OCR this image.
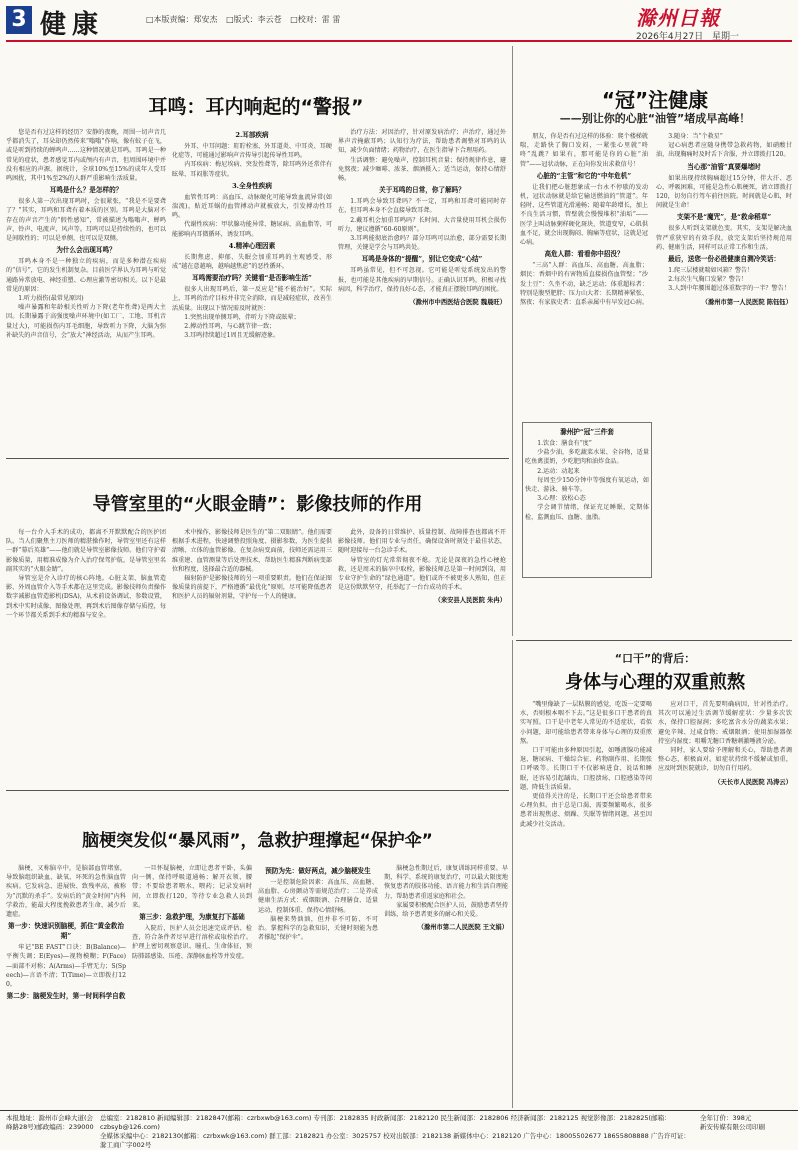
3 健康	□本版责编：郑安杰 □版式：李云苍 □校对：雷 雷	滁州日報
2026年4月27日 星期一
耳鸣：耳内响起的“警报”

您是否有过这样的经历？安静的夜晚，周围一切声音几乎都消失了，耳朵却仍然传来“嗡嗡”作响，像有蚊子在飞，或是听到持续的蝉鸣声……这种情况就是耳鸣。耳鸣是一种常见的症状，患者感觉耳内或颅内有声音，但周围环境中并没有相应的声源。据统计，全球10%至15%的成年人受耳鸣困扰，其中1%至2%的人群严重影响生活质量。

耳鸣是什么？是怎样的？

很多人第一次出现耳鸣时，会很紧张，“我是不是要聋了？”其实，耳鸣和耳聋有着本质的区别。耳鸣是大脑对不存在的声音产生的“假性感知”，常被描述为嗡嗡声、蝉鸣声、铃声、电流声、风声等。耳鸣可以是持续性的，也可以是间歇性的；可以是单侧，也可以是双侧。

为什么会出现耳鸣？

耳鸣本身不是一种独立的疾病，而是多种潜在疾病的“信号”，它的发生机制复杂。目前医学界认为耳鸣与听觉通路异常放电、神经重塑、心理应激等密切相关。以下是最常见的原因：

1.听力损伤(最常见原因)

噪声暴露和年龄相关性听力下降(老年性聋)是两大主因。长期暴露于高强度噪声环境中(如工厂、工地、耳机音量过大)，可能损伤内耳毛细胞，导致听力下降，大脑为弥补缺失的声音信号，会“放大”神经活动，从而产生耳鸣。

2.耳部疾病

外耳、中耳问题：耵聍栓塞、外耳道炎、中耳炎、耳硬化症等，可能通过影响声音传导引起传导性耳鸣。

内耳疾病：梅尼埃病、突发性聋等，除耳鸣外还常伴有眩晕、耳闷胀等症状。

3.全身性疾病

血管性耳鸣：高血压、动脉硬化可能导致血流异常(如湍流)，贴近耳蜗的血管搏动声就被放大，引发搏动性耳鸣。

代谢性疾病：甲状腺功能异常、糖尿病、高血脂等，可能影响内耳微循环，诱发耳鸣。

4.精神心理因素

长期焦虑、抑郁、失眠会加重耳鸣的主观感受，形成“越在意越响，越响越焦虑”的恶性循环。

耳鸣需要治疗吗？关键看“是否影响生活”

很多人出现耳鸣后，第一反应是“能不能治好”。实际上，耳鸣的治疗目标并非完全消除，而是减轻症状，改善生活质量。出现以下情况需及时就医：

1.突然出现单侧耳鸣，伴听力下降或眩晕；

2.搏动性耳鸣，与心跳节律一致；

3.耳鸣持续超过1周且无缓解迹象。

治疗方法：对因治疗，针对原发病治疗；声治疗，通过外界声音掩蔽耳鸣；认知行为疗法，帮助患者调整对耳鸣的认知，减少负面情绪；药物治疗，在医生指导下合理用药。

生活调整：避免噪声，控制耳机音量；保持规律作息，避免熬夜；减少咖啡、浓茶、烟酒摄入；适当运动，保持心情舒畅。

关于耳鸣的日常，你了解吗？

1.耳鸣会导致耳聋吗？不一定，耳鸣和耳聋可能同时存在，但耳鸣本身不会直接导致耳聋。

2.戴耳机会加重耳鸣吗？长时间、大音量使用耳机会损伤听力，建议遵循“60-60原则”。

3.耳鸣能彻底治愈吗？部分耳鸣可以治愈，部分需要长期管理，关键是学会与耳鸣共处。

耳鸣是身体的“提醒”，别让它变成“心结”

耳鸣虽常见，但不可忽视。它可能是听觉系统发出的警报，也可能是其他疾病的早期信号。正确认识耳鸣，积极寻找病因，科学治疗，保持良好心态，才能真正摆脱耳鸣的困扰。

（滁州市中西医结合医院 魏晨旺）
“冠”注健康
——别让你的心脏“油管”堵成早高峰！

朋友，你是否有过这样的体验：爬个楼梯就喘，走路快了胸口发闷，一紧张心里就“咚咚”乱跳？如果有，那可能是你的心脏“油管”——冠状动脉，正在向你发出求救信号！

心脏的“主管”和它的“中年危机”

让我们把心脏想象成一台永不停歇的发动机，冠状动脉就是给它输送燃油的“管道”。年轻时，这些管道光滑通畅；随着年龄增长，加上不良生活习惯，管壁就会慢慢堆积“油垢”——医学上叫动脉粥样硬化斑块，管道变窄，心肌供血不足，就会出现胸闷、胸痛等症状，这就是冠心病。

高危人群：看看你中招没？

“三高”人群：高血压、高血糖、高血脂；烟民：香烟中的有害物质直接损伤血管壁；“沙发土豆”：久坐不动，缺乏运动；体重超标者：特别是腹型肥胖；压力山大者：长期精神紧张、熬夜；有家族史者：直系亲属中有早发冠心病。

滁州护“冠”三件套

1.饮食：膳食有“度”

少盐少油，多吃蔬菜水果、全谷物，适量吃鱼禽蛋奶，少吃肥肉和油炸食品。

2.运动：动起来

每周至少150分钟中等强度有氧运动，如快走、游泳、骑车等。

3.心理：放松心态

学会调节情绪，保证充足睡眠，定期体检，监测血压、血糖、血脂。

3.随身：当“个救星”

冠心病患者应随身携带急救药物，如硝酸甘油，出现胸痛时及时舌下含服，并立即拨打120。

当心那“油管”真要爆堵时

如果出现持续胸痛超过15分钟，伴大汗、恶心、呼吸困难，可能是急性心肌梗死，请立即拨打120，切勿自行驾车前往医院。时间就是心肌，时间就是生命！

支架不是“魔咒”，是“救命稻草”

很多人听到支架就色变。其实，支架是解决血管严重狭窄的有效手段，放完支架后坚持规范用药、健康生活，同样可以正常工作和生活。

最后，送您一份必胜健康自测冷笑话：

1.爬三层楼就喘如风箱？警告！

2.每次生气胸口发紧？警告！

3.人到中年腰围超过体重数字的一半？警告！

（滁州市第一人民医院 陈钰钰）
导管室里的“火眼金睛”：影像技师的作用

每一台介入手术的成功，都离不开默默配合的医护团队。当人们聚焦主刀医师的精湛操作时，导管室里还有这样一群“幕后英雄”——他们就是导管室影像技师。他们守护着影像质量，用精准成像为介入治疗保驾护航，是导管室里名副其实的“火眼金睛”。

导管室是介入诊疗的核心阵地。心脏支架、脑血管造影、外周血管介入等手术都在这里完成。影像技师负责操作数字减影血管造影机(DSA)，从术前设备调试、参数设置，到术中实时成像、图像处理，再到术后图像存储与质控，每一个环节都关系到手术的精准与安全。

术中操作，影像技师是医生的“第二双眼睛”。他们需要根据手术进程，快速调整投照角度、摄影参数，为医生提供清晰、立体的血管影像。在复杂病变面前，技师还需运用三维重建、血管测量等后处理技术，帮助医生精准判断病变部位和程度，选择最合适的器械。

辐射防护是影像技师的另一项重要职责。他们在保证图像质量的前提下，严格遵循“最优化”原则，尽可能降低患者和医护人员的辐射剂量，守护每一个人的健康。

此外，设备的日常维护、质量控制、故障排查也都离不开影像技师。他们用专业与责任，确保设备时刻处于最佳状态，随时迎接每一台急诊手术。

导管室的灯光常常彻夜不熄。无论是深夜的急性心梗抢救，还是周末的脑卒中取栓，影像技师总是第一时间到岗，用专业守护生命的“绿色通道”。他们或许不被更多人熟知，但正是这份默默坚守，托举起了一台台成功的手术。

（来安县人民医院 朱冉）
“口干”的背后：
身体与心理的双重煎熬

“嘴里像缺了一层粘膜的感觉，吃饭一定要喝水，否则根本咽不下去。”这是很多口干患者的真实写照。口干是中老年人常见的不适症状，看似小问题，却可能给患者带来身体与心理的双重煎熬。

口干可能由多种原因引起，如唾液腺功能减退、糖尿病、干燥综合征、药物副作用、长期张口呼吸等。长期口干不仅影响进食、说话和睡眠，还容易引起龋齿、口腔溃疡、口腔感染等问题，降低生活质量。

更值得关注的是，长期口干还会给患者带来心理负担。由于总是口渴、需要频繁喝水，很多患者出现焦虑、烦躁、失眠等情绪问题，甚至因此减少社交活动。

应对口干，首先要明确病因，针对性治疗。其次可以通过生活调节缓解症状：少量多次饮水，保持口腔湿润；多吃富含水分的蔬菜水果；避免辛辣、过咸食物；戒烟限酒；使用加湿器保持室内湿度；咀嚼无糖口香糖刺激唾液分泌。

同时，家人要给予理解和关心，帮助患者调整心态，积极面对。如症状持续不缓解或加重，应及时到医院就诊，切勿自行用药。

（天长市人民医院 冯涛云）
脑梗突发似“暴风雨”，急救护理撑起“保护伞”

脑梗，又称脑卒中，是脑部血管堵塞，导致脑组织缺血、缺氧、坏死的急性脑血管疾病。它发病急、进展快、致残率高，被称为“沉默的杀手”。发病后的“黄金时间”内科学救治，能最大程度挽救患者生命、减少后遗症。

第一步：快速识别脑梗，抓住“黄金救治期”

牢记“BE FAST”口诀：B(Balance)—平衡失调；E(Eyes)—视物模糊；F(Face)—面部不对称；A(Arms)—手臂无力；S(Speech)—言语不清；T(Time)—立即拨打120。

第二步：脑梗发生时，第一时间科学自救

一旦怀疑脑梗，立即让患者平卧，头偏向一侧，保持呼吸道通畅；解开衣领、腰带；不要给患者喂水、喂药；记录发病时间，立即拨打120，等待专业急救人员到来。

第三步：急救护理，为康复打下基础

入院后，医护人员会迅速完成评估、检查，符合条件者尽早进行溶栓或取栓治疗。护理上密切观察意识、瞳孔、生命体征，预防肺部感染、压疮、深静脉血栓等并发症。

预防为先：做好两点，减少脑梗发生

一是控制危险因素：高血压、高血糖、高血脂、心房颤动等需规范治疗；二是养成健康生活方式：戒烟限酒、合理膳食、适量运动、控制体重、保持心情舒畅。

脑梗来势汹汹，但并非不可防、不可治。掌握科学的急救知识，关键时刻能为患者撑起“保护伞”。

脑梗急性期过后，康复训练同样重要。早期、科学、系统的康复治疗，可以最大限度地恢复患者的肢体功能、语言能力和生活自理能力，帮助患者重返家庭和社会。

家属要积极配合医护人员，鼓励患者坚持训练，给予患者更多的耐心和关爱。

（滁州市第二人民医院 王文娟）
本报地址：滁州市会峰大道(会峰路28号)邮政编码：239000
总编室：2182810 新闻编辑部：2182847(邮箱：czrbxwb@163.com) 专刊部：2182835 时政新闻部：2182120 民生新闻部：2182806 经济新闻部：2182125 视觉影像部：2182825(邮箱：czbsyb@126.com)
全媒体采编中心：2182130(邮箱：czrbxwk@163.com) 群工部：2182821 办公室：3025757 校对出版部：2182138 新媒体中心：2182120 广告中心：18005502677 18655808888 广告许可证：滁工商广字002号
全年订价：398元
新安传媒有限公司印刷
